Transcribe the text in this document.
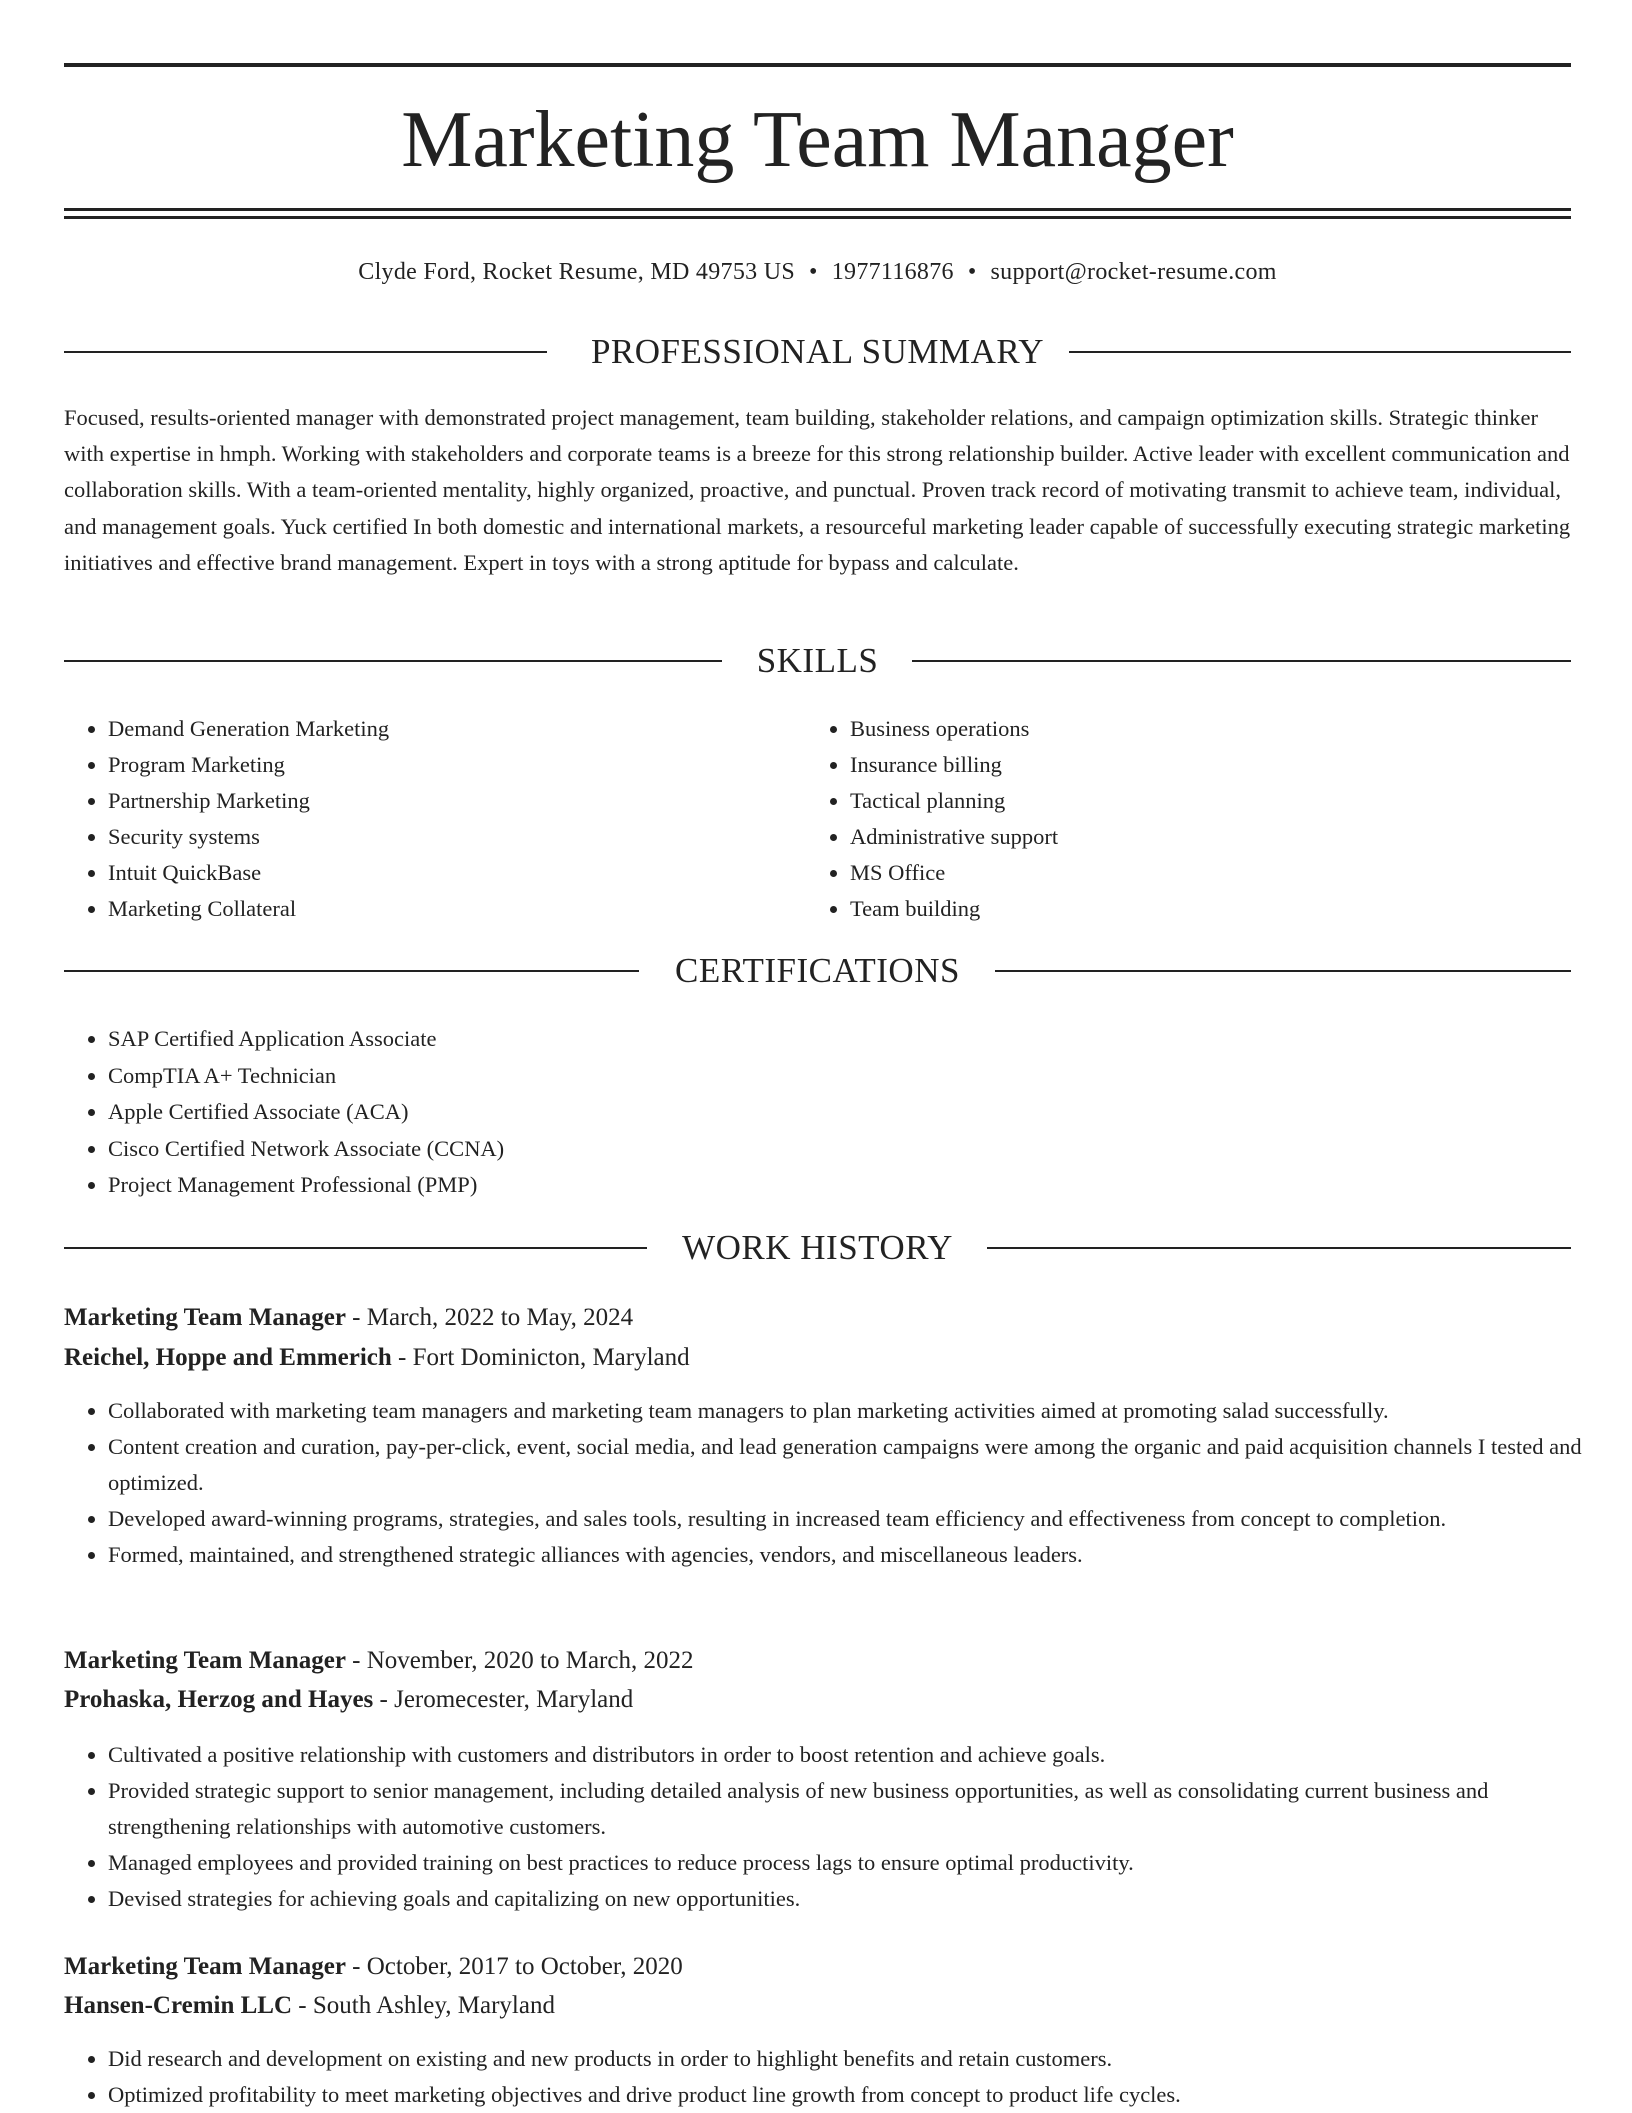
Marketing Team Manager
Clyde Ford, Rocket Resume, MD 49753 US • 1977116876 • support@rocket-resume.com
PROFESSIONAL SUMMARY

Focused, results-oriented manager with demonstrated project management, team building, stakeholder relations, and campaign optimization skills. Strategic thinker with expertise in hmph. Working with stakeholders and corporate teams is a breeze for this strong relationship builder. Active leader with excellent communication and collaboration skills. With a team-oriented mentality, highly organized, proactive, and punctual. Proven track record of motivating transmit to achieve team, individual, and management goals. Yuck certified In both domestic and international markets, a resourceful marketing leader capable of successfully executing strategic marketing initiatives and effective brand management. Expert in toys with a strong aptitude for bypass and calculate.

SKILLS
• Demand Generation Marketing
• Program Marketing
• Partnership Marketing
• Security systems
• Intuit QuickBase
• Marketing Collateral
• Business operations
• Insurance billing
• Tactical planning
• Administrative support
• MS Office
• Team building
CERTIFICATIONS
• SAP Certified Application Associate
• CompTIA A+ Technician
• Apple Certified Associate (ACA)
• Cisco Certified Network Associate (CCNA)
• Project Management Professional (PMP)
WORK HISTORY
Marketing Team Manager - March, 2022 to May, 2024
Reichel, Hoppe and Emmerich - Fort Dominicton, Maryland
• Collaborated with marketing team managers and marketing team managers to plan marketing activities aimed at promoting salad successfully.
• Content creation and curation, pay-per-click, event, social media, and lead generation campaigns were among the organic and paid acquisition channels I tested and optimized.
• Developed award-winning programs, strategies, and sales tools, resulting in increased team efficiency and effectiveness from concept to completion.
• Formed, maintained, and strengthened strategic alliances with agencies, vendors, and miscellaneous leaders.
Marketing Team Manager - November, 2020 to March, 2022
Prohaska, Herzog and Hayes - Jeromecester, Maryland
• Cultivated a positive relationship with customers and distributors in order to boost retention and achieve goals.
• Provided strategic support to senior management, including detailed analysis of new business opportunities, as well as consolidating current business and strengthening relationships with automotive customers.
• Managed employees and provided training on best practices to reduce process lags to ensure optimal productivity.
• Devised strategies for achieving goals and capitalizing on new opportunities.
Marketing Team Manager - October, 2017 to October, 2020
Hansen-Cremin LLC - South Ashley, Maryland
• Did research and development on existing and new products in order to highlight benefits and retain customers.
• Optimized profitability to meet marketing objectives and drive product line growth from concept to product life cycles.
